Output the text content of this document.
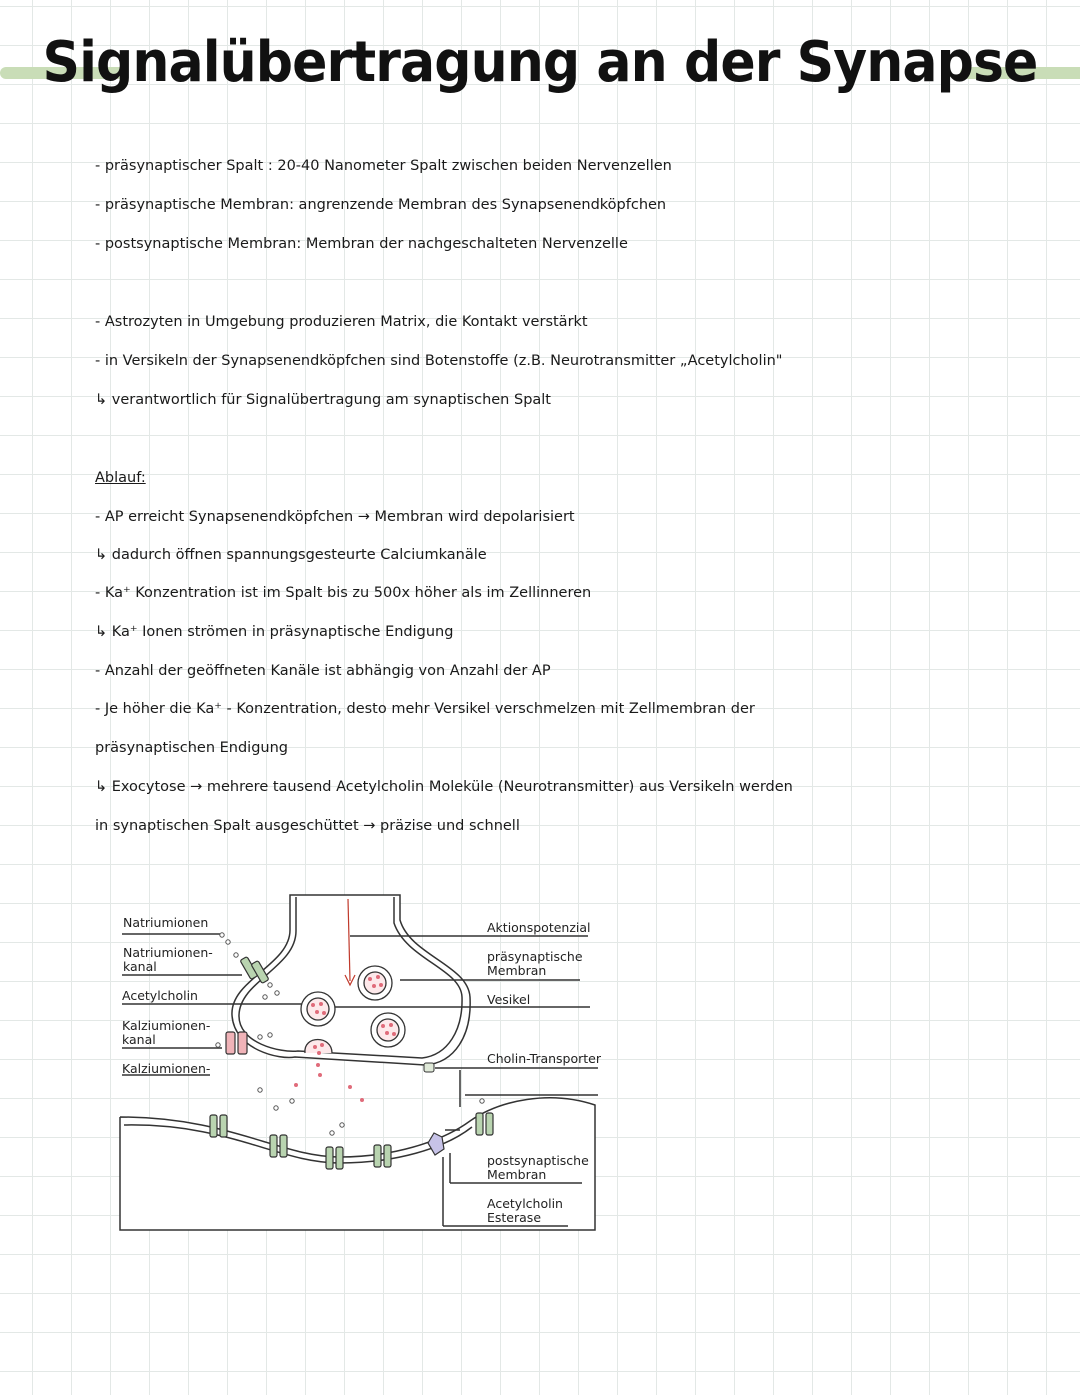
Signalübertragung an der Synapse
- präsynaptischer Spalt : 20-40 Nanometer Spalt zwischen beiden Nervenzellen
- präsynaptische Membran: angrenzende Membran des Synapsenendköpfchen
- postsynaptische Membran: Membran der nachgeschalteten Nervenzelle
- Astrozyten in Umgebung produzieren Matrix, die Kontakt verstärkt
- in Versikeln der Synapsenendköpfchen sind Botenstoffe (z.B. Neurotransmitter „Acetylcholin"
↳ verantwortlich für Signalübertragung am synaptischen Spalt
Ablauf:
- AP erreicht Synapsenendköpfchen → Membran wird depolarisiert
↳ dadurch öffnen spannungsgesteurte Calciumkanäle
- Ka⁺ Konzentration ist im Spalt bis zu 500x höher als im Zellinneren
↳ Ka⁺ Ionen strömen in präsynaptische Endigung
- Anzahl der geöffneten Kanäle ist abhängig von Anzahl der AP
- Je höher die Ka⁺ - Konzentration, desto mehr Versikel verschmelzen mit Zellmembran der
präsynaptischen Endigung
↳ Exocytose → mehrere tausend Acetylcholin Moleküle (Neurotransmitter) aus Versikeln werden
in synaptischen Spalt ausgeschüttet → präzise und schnell
Natriumionen
Natriumionen-
kanal
Acetylcholin
Kalziumionen-
kanal
Kalziumionen-
Aktionspotenzial
präsynaptische
Membran
Vesikel
Cholin-Transporter
postsynaptische
Membran
Acetylcholin
Esterase
